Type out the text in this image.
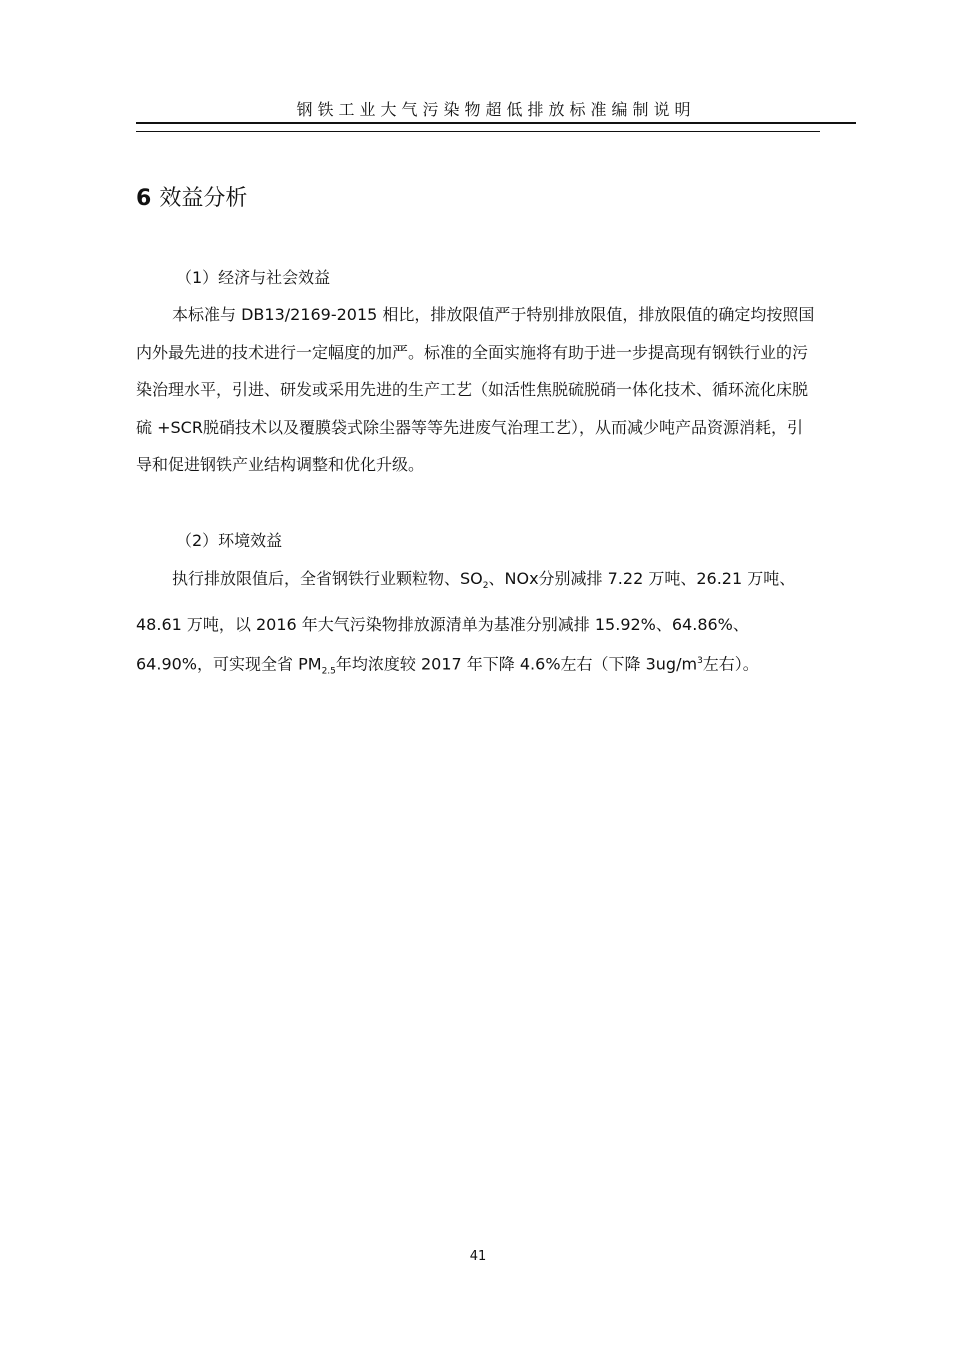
钢铁工业大气污染物超低排放标准编制说明
6 效益分析
（1）经济与社会效益
本标准与 DB13/2169-2015 相比，排放限值严于特别排放限值，排放限值的确定均按照国内外最先进的技术进行一定幅度的加严。标准的全面实施将有助于进一步提高现有钢铁行业的污染治理水平，引进、研发或采用先进的生产工艺（如活性焦脱硫脱硝一体化技术、循环流化床脱硫 +SCR脱硝技术以及覆膜袋式除尘器等等先进废气治理工艺），从而减少吨产品资源消耗，引导和促进钢铁产业结构调整和优化升级。
（2）环境效益
执行排放限值后，全省钢铁行业颗粒物、$SO_2$、NOx分别减排 7.22 万吨、26.21 万吨、48.61 万吨，以 2016 年大气污染物排放源清单为基准分别减排 15.92%、64.86%、64.90%，可实现全省 $PM_{2.5}$年均浓度较 2017 年下降 4.6%左右（下降 $3ug/m^3$左右）。
41
